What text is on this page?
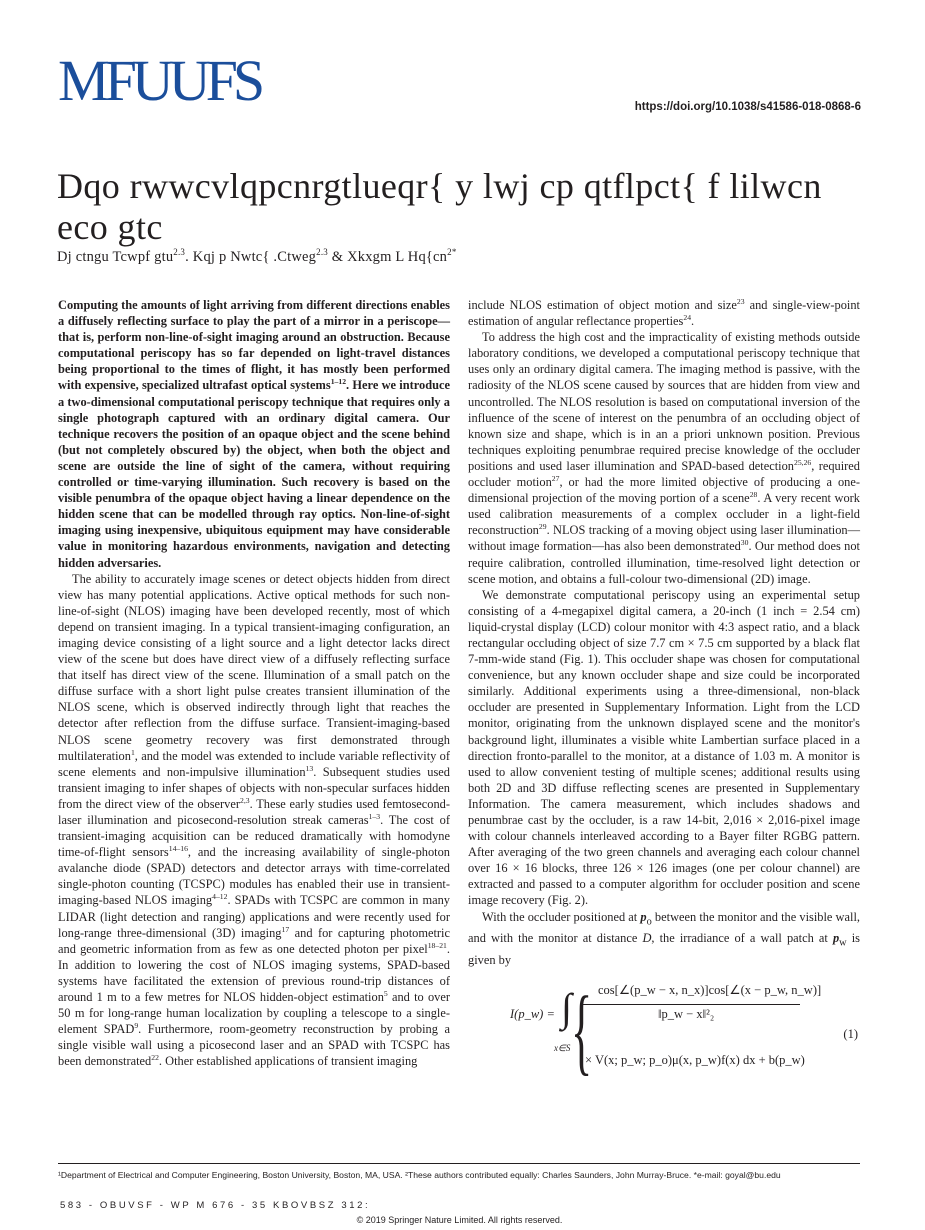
MFUUFS	https://doi.org/10.1038/s41586-018-0868-6
Dqo rwwcvlqpcnrgtlueqr{ y lwj cp qtflpct{ f lilwcn eco gtc
Dj ctngu Tcwpf gtu$^{2.3}$. Kqj p Nwtc{ .Ctweg$^{2.3}$ & Xkxgm L $Hq\{cn^{2*}$

Computing the amounts of light arriving from different directions enables a diffusely reflecting surface to play the part of a mirror in a periscope—that is, perform non-line-of-sight imaging around an obstruction. Because computational periscopy has so far depended on light-travel distances being proportional to the times of flight, it has mostly been performed with expensive, specialized ultrafast optical systems$^{1-12}$. Here we introduce a two-dimensional computational periscopy technique that requires only a single photograph captured with an ordinary digital camera. Our technique recovers the position of an opaque object and the scene behind (but not completely obscured by) the object, when both the object and scene are outside the line of sight of the camera, without requiring controlled or time-varying illumination. Such recovery is based on the visible penumbra of the opaque object having a linear dependence on the hidden scene that can be modelled through ray optics. Non-line-of-sight imaging using inexpensive, ubiquitous equipment may have considerable value in monitoring hazardous environments, navigation and detecting hidden adversaries.

The ability to accurately image scenes or detect objects hidden from direct view has many potential applications. Active optical methods for such non-line-of-sight (NLOS) imaging have been developed recently, most of which depend on transient imaging. In a typical transient-imaging configuration, an imaging device consisting of a light source and a light detector lacks direct view of the scene but does have direct view of a diffusely reflecting surface that itself has direct view of the scene. Illumination of a small patch on the diffuse surface with a short light pulse creates transient illumination of the NLOS scene, which is observed indirectly through light that reaches the detector after reflection from the diffuse surface. Transient-imaging-based NLOS scene geometry recovery was first demonstrated through multilateration$^1$, and the model was extended to include variable reflectivity of scene elements and non-impulsive illumination$^{13}$. Subsequent studies used transient imaging to infer shapes of objects with non-specular surfaces hidden from the direct view of the observer$^{2,3}$. These early studies used femtosecond-laser illumination and picosecond-resolution streak cameras$^{1-3}$. The cost of transient-imaging acquisition can be reduced dramatically with homodyne time-of-flight sensors$^{14-16}$, and the increasing availability of single-photon avalanche diode (SPAD) detectors and detector arrays with time-correlated single-photon counting (TCSPC) modules has enabled their use in transient-imaging-based NLOS imaging$^{4-12}$. SPADs with TCSPC are common in many LIDAR (light detection and ranging) applications and were recently used for long-range three-dimensional (3D) imaging$^{17}$ and for capturing photometric and geometric information from as few as one detected photon per pixel$^{18-21}$. In addition to lowering the cost of NLOS imaging systems, SPAD-based systems have facilitated the extension of previous round-trip distances of around 1 m to a few metres for NLOS hidden-object estimation$^5$ and to over 50 m for long-range human localization by coupling a telescope to a single-element SPAD$^9$. Furthermore, room-geometry reconstruction by probing a single visible wall using a picosecond laser and an SPAD with TCSPC has been demonstrated$^{22}$. Other established applications of transient imaging

include NLOS estimation of object motion and size$^{23}$ and single-view-point estimation of angular reflectance properties$^{24}$.

To address the high cost and the impracticality of existing methods outside laboratory conditions, we developed a computational periscopy technique that uses only an ordinary digital camera. The imaging method is passive, with the radiosity of the NLOS scene caused by sources that are hidden from view and uncontrolled. The NLOS resolution is based on computational inversion of the influence of the scene of interest on the penumbra of an occluding object of known size and shape, which is in an a priori unknown position. Previous techniques exploiting penumbrae required precise knowledge of the occluder positions and used laser illumination and SPAD-based detection$^{25,26}$, required occluder motion$^{27}$, or had the more limited objective of producing a one-dimensional projection of the moving portion of a scene$^{28}$. A very recent work used calibration measurements of a complex occluder in a light-field reconstruction$^{29}$. NLOS tracking of a moving object using laser illumination—without image formation—has also been demonstrated$^{30}$. Our method does not require calibration, controlled illumination, time-resolved light detection or scene motion, and obtains a full-colour two-dimensional (2D) image.

We demonstrate computational periscopy using an experimental setup consisting of a 4-megapixel digital camera, a 20-inch (1 inch = 2.54 cm) liquid-crystal display (LCD) colour monitor with 4:3 aspect ratio, and a black rectangular occluding object of size 7.7 cm × 7.5 cm supported by a black flat 7-mm-wide stand (Fig. 1). This occluder shape was chosen for computational convenience, but any known occluder shape and size could be incorporated similarly. Additional experiments using a three-dimensional, non-black occluder are presented in Supplementary Information. Light from the LCD monitor, originating from the unknown displayed scene and the monitor's background light, illuminates a visible white Lambertian surface placed in a direction fronto-parallel to the monitor, at a distance of 1.03 m. A monitor is used to allow convenient testing of multiple scenes; additional results using both 2D and 3D diffuse reflecting scenes are presented in Supplementary Information. The camera measurement, which includes shadows and penumbrae cast by the occluder, is a raw 14-bit, 2,016 × 2,016-pixel image with colour channels interleaved according to a Bayer filter RGBG pattern. After averaging of the two green channels and averaging each colour channel over 16 × 16 blocks, three 126 × 126 images (one per colour channel) are extracted and passed to a computer algorithm for occluder position and scene image recovery (Fig. 2).

With the occluder positioned at $p_o$ between the monitor and the visible wall, and with the monitor at distance D, the irradiance of a wall patch at $p_w$ is given by

I(p_w) = ∫
x∈S { cos[∠(p_w − x, n_x)]cos[∠(x − p_w, n_w)]
‖p_w − x‖²₂
× V(x; p_w; p_o)μ(x, p_w)f(x) dx + b(p_w)
(1)
¹Department of Electrical and Computer Engineering, Boston University, Boston, MA, USA. ²These authors contributed equally: Charles Saunders, John Murray-Bruce. *e-mail: goyal@bu.edu
583 - OBUVSF - WP M 676 - 35 KBOVBSZ 312:
© 2019 Springer Nature Limited. All rights reserved.
